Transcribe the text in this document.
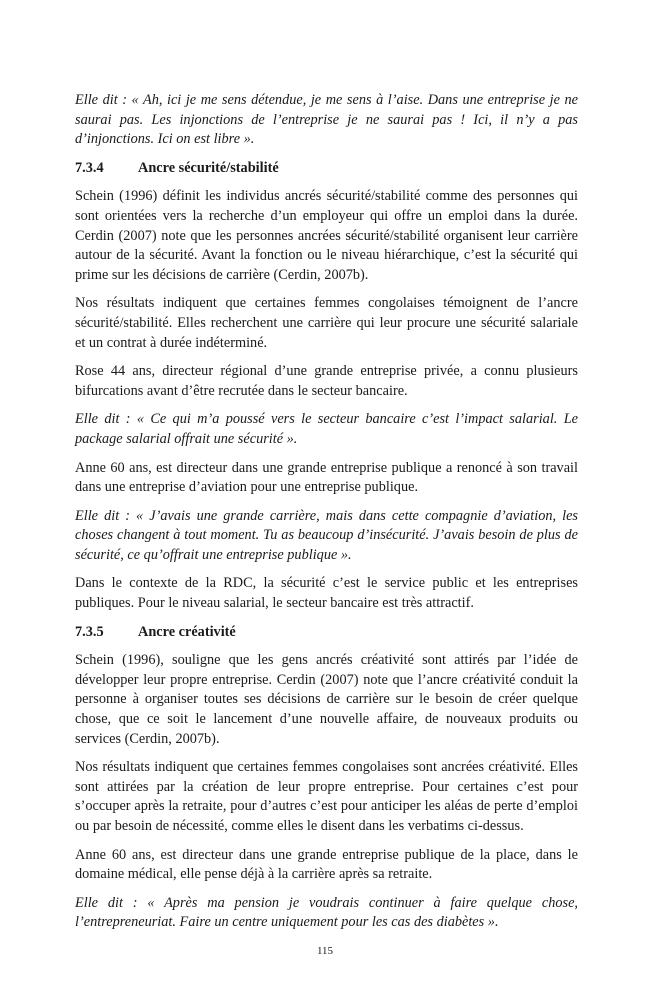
Elle dit : « Ah, ici je me sens détendue, je me sens à l’aise. Dans une entreprise je ne saurai pas. Les injonctions de l’entreprise je ne saurai pas ! Ici, il n’y a pas d’injonctions. Ici on est libre ».

7.3.4	Ancre sécurité/stabilité

Schein (1996) définit les individus ancrés sécurité/stabilité comme des personnes qui sont orientées vers la recherche d’un employeur qui offre un emploi dans la durée. Cerdin (2007) note que les personnes ancrées sécurité/stabilité organisent leur carrière autour de la sécurité. Avant la fonction ou le niveau hiérarchique, c’est la sécurité qui prime sur les décisions de carrière (Cerdin, 2007b).

Nos résultats indiquent que certaines femmes congolaises témoignent de l’ancre sécurité/stabilité. Elles recherchent une carrière qui leur procure une sécurité salariale et un contrat à durée indéterminé.

Rose 44 ans, directeur régional d’une grande entreprise privée, a connu plusieurs bifurcations avant d’être recrutée dans le secteur bancaire.

Elle dit : « Ce qui m’a poussé vers le secteur bancaire c’est l’impact salarial. Le package salarial offrait une sécurité ».

Anne 60 ans, est directeur dans une grande entreprise publique a renoncé à son travail dans une entreprise d’aviation pour une entreprise publique.

Elle dit : « J’avais une grande carrière, mais dans cette compagnie d’aviation, les choses changent à tout moment. Tu as beaucoup d’insécurité. J’avais besoin de plus de sécurité, ce qu’offrait une entreprise publique ».

Dans le contexte de la RDC, la sécurité c’est le service public et les entreprises publiques. Pour le niveau salarial, le secteur bancaire est très attractif.

7.3.5	Ancre créativité

Schein (1996), souligne que les gens ancrés créativité sont attirés par l’idée de développer leur propre entreprise. Cerdin (2007) note que l’ancre créativité conduit la personne à organiser toutes ses décisions de carrière sur le besoin de créer quelque chose, que ce soit le lancement d’une nouvelle affaire, de nouveaux produits ou services (Cerdin, 2007b).

Nos résultats indiquent que certaines femmes congolaises sont ancrées créativité. Elles sont attirées par la création de leur propre entreprise. Pour certaines c’est pour s’occuper après la retraite, pour d’autres c’est pour anticiper les aléas de perte d’emploi ou par besoin de nécessité, comme elles le disent dans les verbatims ci-dessus.

Anne 60 ans, est directeur dans une grande entreprise publique de la place, dans le domaine médical, elle pense déjà à la carrière après sa retraite.

Elle dit : « Après ma pension je voudrais continuer à faire quelque chose, l’entrepreneuriat. Faire un centre uniquement pour les cas des diabètes ».

115
